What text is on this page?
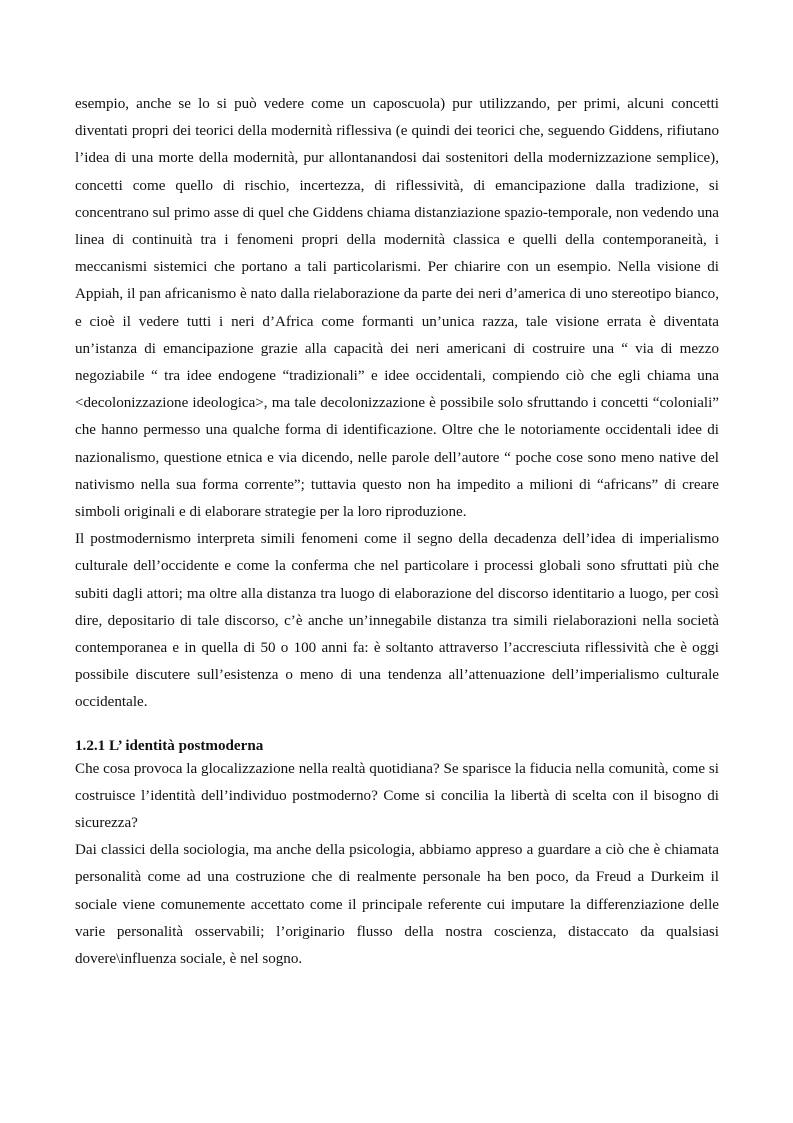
esempio, anche se lo si può vedere come un caposcuola) pur utilizzando, per primi, alcuni concetti diventati propri dei teorici della modernità riflessiva (e quindi dei teorici che, seguendo Giddens, rifiutano l’idea di una morte della modernità, pur allontanandosi dai sostenitori della modernizzazione semplice), concetti come quello di rischio, incertezza, di riflessività, di emancipazione dalla tradizione, si concentrano sul primo asse di quel che Giddens chiama distanziazione spazio-temporale, non vedendo una linea di continuità tra i fenomeni propri della modernità classica e quelli della contemporaneità, i meccanismi sistemici che portano a tali particolarismi. Per chiarire con un esempio. Nella visione di Appiah, il pan africanismo è nato dalla rielaborazione da parte dei neri d’america di uno stereotipo bianco, e cioè il vedere tutti i neri d’Africa come formanti un’unica razza, tale visione errata è diventata un’istanza di emancipazione grazie alla capacità dei neri americani di costruire una “ via di mezzo negoziabile “ tra idee endogene “tradizionali” e idee occidentali, compiendo ciò che egli chiama una <decolonizzazione ideologica>, ma tale decolonizzazione è possibile solo sfruttando i concetti “coloniali” che hanno permesso una qualche forma di identificazione. Oltre che le notoriamente occidentali idee di nazionalismo, questione etnica e via dicendo, nelle parole dell’autore “ poche cose sono meno native del nativismo nella sua forma corrente”; tuttavia questo non ha impedito a milioni di “africans” di creare simboli originali e di elaborare strategie per la loro riproduzione.

Il postmodernismo interpreta simili fenomeni come il segno della decadenza dell’idea di imperialismo culturale dell’occidente e come la conferma che nel particolare i processi globali sono sfruttati più che subiti dagli attori; ma oltre alla distanza tra luogo di elaborazione del discorso identitario a luogo, per così dire, depositario di tale discorso, c’è anche un’innegabile distanza tra simili rielaborazioni nella società contemporanea e in quella di 50 o 100 anni fa: è soltanto attraverso l’accresciuta riflessività che è oggi possibile discutere sull’esistenza o meno di una tendenza all’attenuazione dell’imperialismo culturale occidentale.

1.2.1 L’ identità postmoderna

Che cosa provoca la glocalizzazione nella realtà quotidiana? Se sparisce la fiducia nella comunità, come si costruisce l’identità dell’individuo postmoderno? Come si concilia la libertà di scelta con il bisogno di sicurezza?

Dai classici della sociologia, ma anche della psicologia, abbiamo appreso a guardare a ciò che è chiamata personalità come ad una costruzione che di realmente personale ha ben poco, da Freud a Durkeim il sociale viene comunemente accettato come il principale referente cui imputare la differenziazione delle varie personalità osservabili; l’originario flusso della nostra coscienza, distaccato da qualsiasi dovere\influenza sociale, è nel sogno.
